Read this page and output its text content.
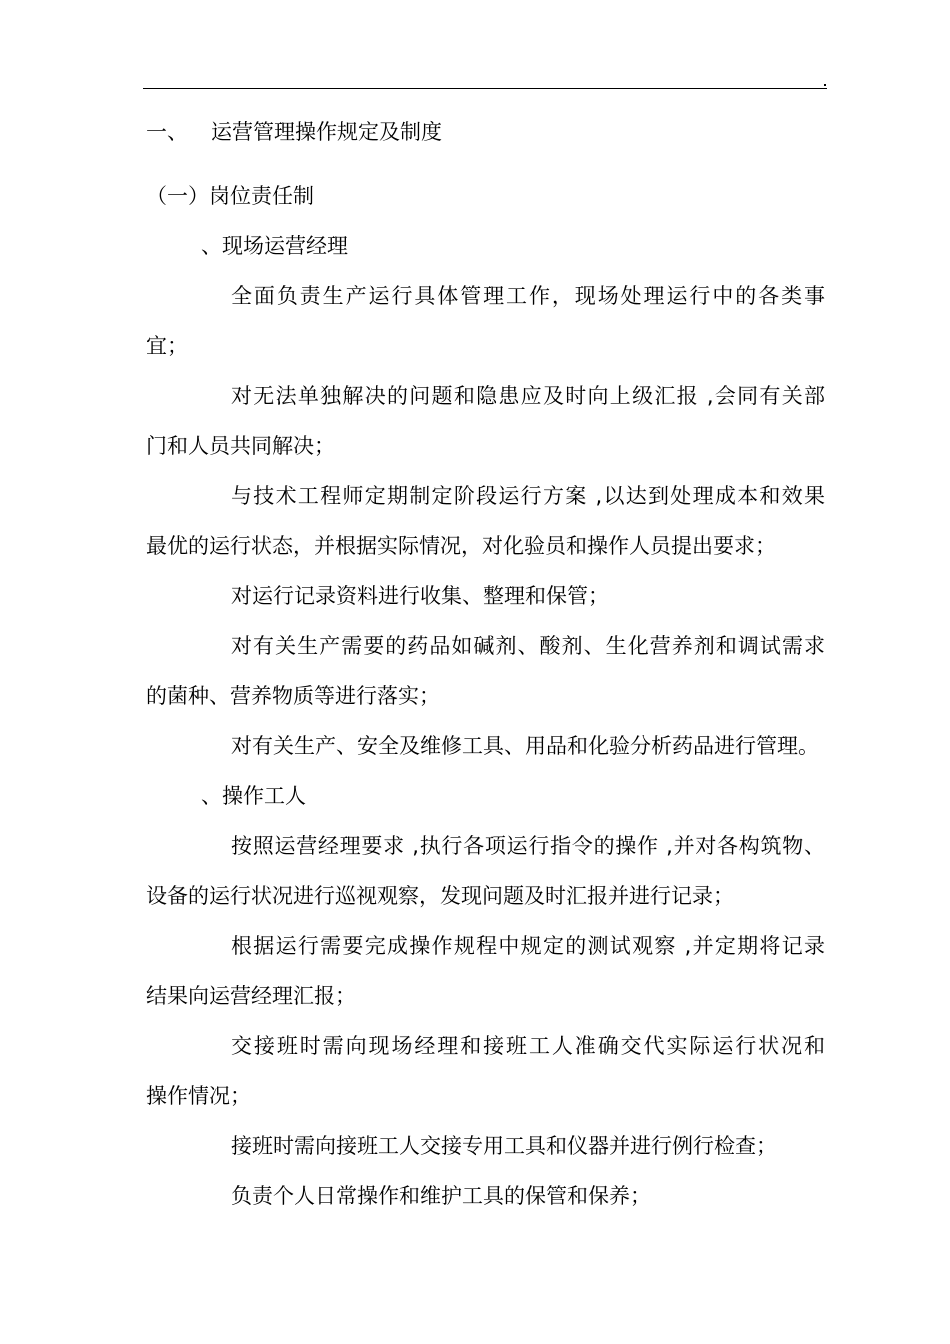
一、 运营管理操作规定及制度
（一）岗位责任制
、现场运营经理
全面负责生产运行具体管理工作，现场处理运行中的各类事
宜；
对无法单独解决的问题和隐患应及时向上级汇报 ,会同有关部
门和人员共同解决；
与技术工程师定期制定阶段运行方案 ,以达到处理成本和效果
最优的运行状态，并根据实际情况，对化验员和操作人员提出要求；
对运行记录资料进行收集、整理和保管；
对有关生产需要的药品如碱剂、酸剂、生化营养剂和调试需求
的菌种、营养物质等进行落实；
对有关生产、安全及维修工具、用品和化验分析药品进行管理。
、操作工人
按照运营经理要求 ,执行各项运行指令的操作 ,并对各构筑物、
设备的运行状况进行巡视观察，发现问题及时汇报并进行记录；
根据运行需要完成操作规程中规定的测试观察 ,并定期将记录
结果向运营经理汇报；
交接班时需向现场经理和接班工人准确交代实际运行状况和
操作情况；
接班时需向接班工人交接专用工具和仪器并进行例行检查；
负责个人日常操作和维护工具的保管和保养；
